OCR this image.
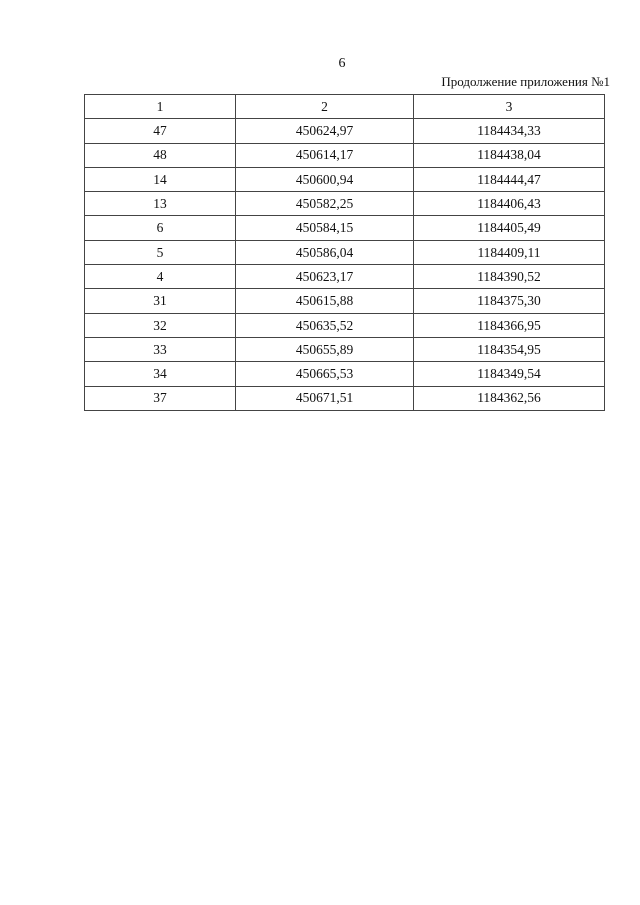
6
Продолжение приложения №1
1	2	3
47	450624,97	1184434,33
48	450614,17	1184438,04
14	450600,94	1184444,47
13	450582,25	1184406,43
6	450584,15	1184405,49
5	450586,04	1184409,11
4	450623,17	1184390,52
31	450615,88	1184375,30
32	450635,52	1184366,95
33	450655,89	1184354,95
34	450665,53	1184349,54
37	450671,51	1184362,56
